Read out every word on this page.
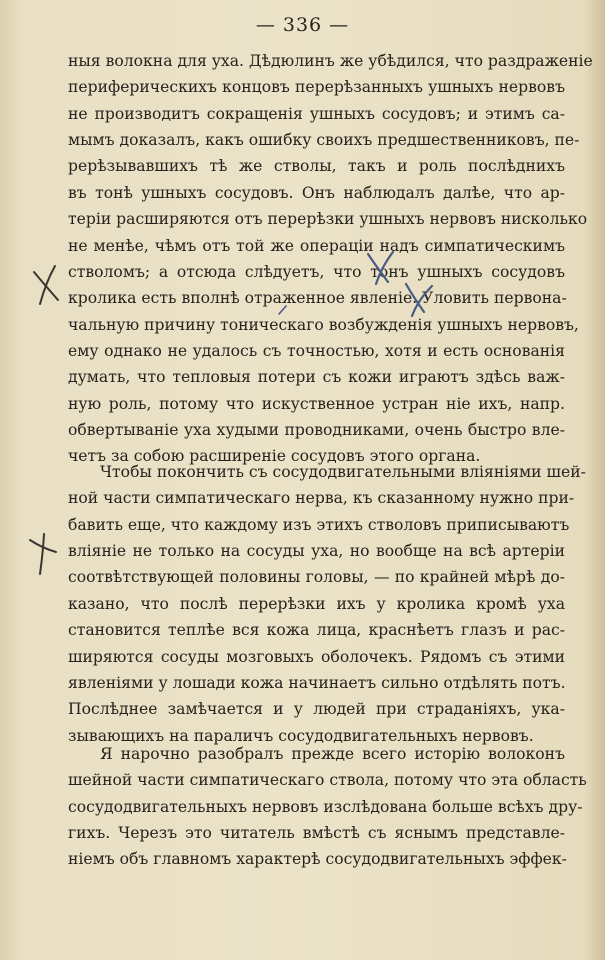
— 336 —
ныя волокна для уха. Дѣдюлинъ же убѣдился, что раздраженіе
периферическихъ концовъ перерѣзанныхъ ушныхъ нервовъ
не производитъ сокращенія ушныхъ сосудовъ; и этимъ са-
мымъ доказалъ, какъ ошибку своихъ предшественниковъ, пе-
рерѣзывавшихъ тѣ же стволы, такъ и роль послѣднихъ
въ тонѣ ушныхъ сосудовъ. Онъ наблюдалъ далѣе, что ар-
теріи расширяются отъ перерѣзки ушныхъ нервовъ нисколько
не менѣе, чѣмъ отъ той же операціи надъ симпатическимъ
стволомъ; а отсюда слѣдуетъ, что тонъ ушныхъ сосудовъ
кролика есть вполнѣ отраженное явленіе. Уловить первона-
чальную причину тоническаго возбужденія ушныхъ нервовъ,
ему однако не удалось съ точностью, хотя и есть основанія
думать, что тепловыя потери съ кожи играютъ здѣсь важ-
ную роль, потому что искуственное устран ніе ихъ, напр.
обвертываніе уха худыми проводниками, очень быстро вле-
четъ за собою расширеніе сосудовъ этого органа.
Чтобы покончить съ сосудодвигательными вліяніями шей-
ной части симпатическаго нерва, къ сказанному нужно при-
бавить еще, что каждому изъ этихъ стволовъ приписываютъ
вліяніе не только на сосуды уха, но вообще на всѣ артеріи
соотвѣтствующей половины головы, — по крайней мѣрѣ до-
казано, что послѣ перерѣзки ихъ у кролика кромѣ уха
становится теплѣе вся кожа лица, краснѣетъ глазъ и рас-
ширяются сосуды мозговыхъ оболочекъ. Рядомъ съ этими
явленіями у лошади кожа начинаетъ сильно отдѣлять потъ.
Послѣднее замѣчается и у людей при страданіяхъ, ука-
зывающихъ на параличъ сосудодвигательныхъ нервовъ.
Я нарочно разобралъ прежде всего исторію волоконъ
шейной части симпатическаго ствола, потому что эта область
сосудодвигательныхъ нервовъ изслѣдована больше всѣхъ дру-
гихъ. Черезъ это читатель вмѣстѣ съ яснымъ представле-
ніемъ объ главномъ характерѣ сосудодвигательныхъ эффек-
